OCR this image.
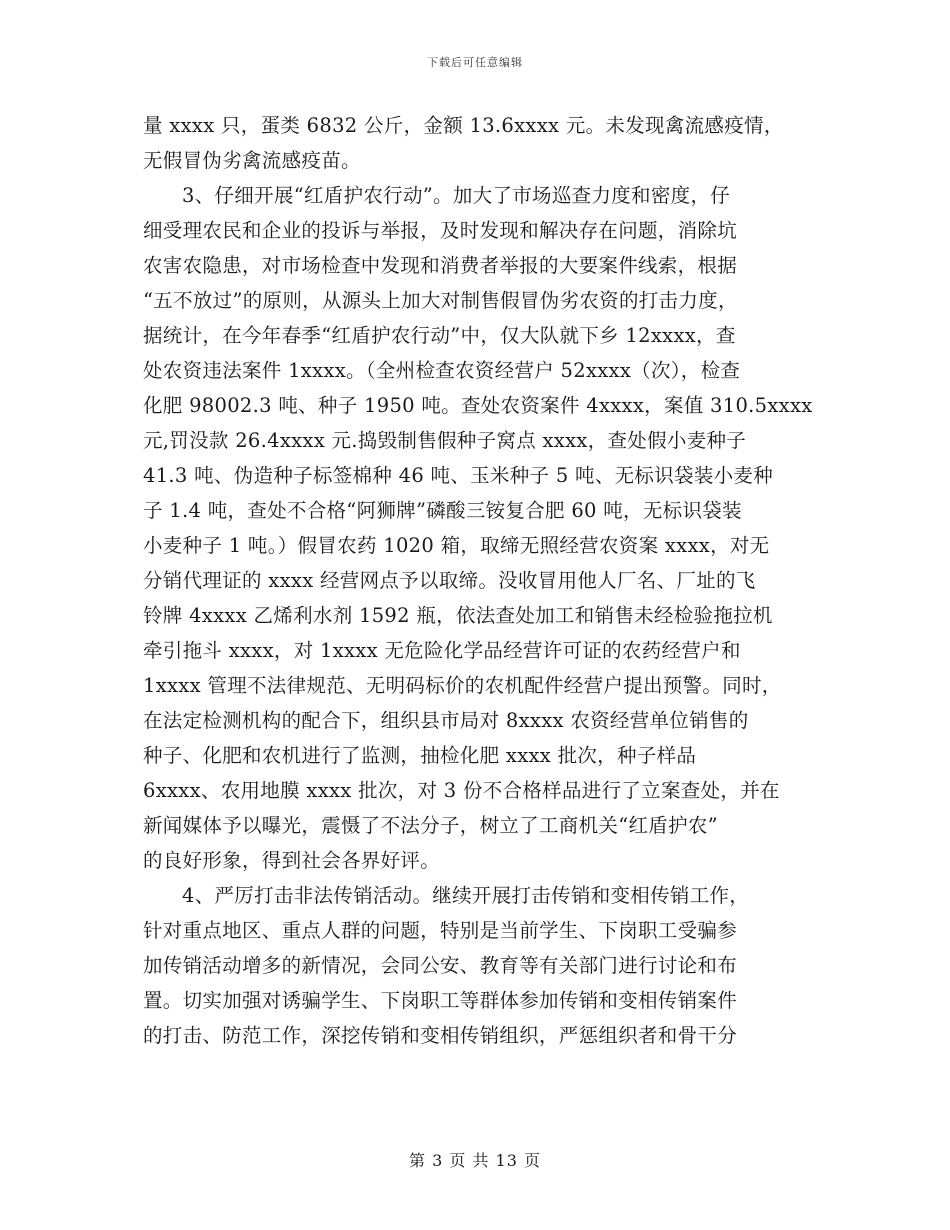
下载后可任意编辑
量 xxxx 只，蛋类 6832 公斤，金额 13.6xxxx 元。未发现禽流感疫情，
无假冒伪劣禽流感疫苗。
3、仔细开展“红盾护农行动”。加大了市场巡查力度和密度，仔
细受理农民和企业的投诉与举报，及时发现和解决存在问题，消除坑
农害农隐患，对市场检查中发现和消费者举报的大要案件线索，根据
“五不放过”的原则，从源头上加大对制售假冒伪劣农资的打击力度，
据统计，在今年春季“红盾护农行动”中，仅大队就下乡 12xxxx，查
处农资违法案件 1xxxx。（全州检查农资经营户 52xxxx（次），检查
化肥 98002.3 吨、种子 1950 吨。查处农资案件 4xxxx，案值 310.5xxxx
元,罚没款 26.4xxxx 元.捣毁制售假种子窝点 xxxx，查处假小麦种子
41.3 吨、伪造种子标签棉种 46 吨、玉米种子 5 吨、无标识袋装小麦种
子 1.4 吨，查处不合格“阿狮牌”磷酸三铵复合肥 60 吨，无标识袋装
小麦种子 1 吨。）假冒农药 1020 箱，取缔无照经营农资案 xxxx，对无
分销代理证的 xxxx 经营网点予以取缔。没收冒用他人厂名、厂址的飞
铃牌 4xxxx 乙烯利水剂 1592 瓶，依法查处加工和销售未经检验拖拉机
牵引拖斗 xxxx，对 1xxxx 无危险化学品经营许可证的农药经营户和
1xxxx 管理不法律规范、无明码标价的农机配件经营户提出预警。同时，
在法定检测机构的配合下，组织县市局对 8xxxx 农资经营单位销售的
种子、化肥和农机进行了监测，抽检化肥 xxxx 批次，种子样品
6xxxx、农用地膜 xxxx 批次，对 3 份不合格样品进行了立案查处，并在
新闻媒体予以曝光，震慑了不法分子，树立了工商机关“红盾护农”
的良好形象，得到社会各界好评。
4、严厉打击非法传销活动。继续开展打击传销和变相传销工作，
针对重点地区、重点人群的问题，特别是当前学生、下岗职工受骗参
加传销活动增多的新情况，会同公安、教育等有关部门进行讨论和布
置。切实加强对诱骗学生、下岗职工等群体参加传销和变相传销案件
的打击、防范工作，深挖传销和变相传销组织，严惩组织者和骨干分
第 3 页 共 13 页
